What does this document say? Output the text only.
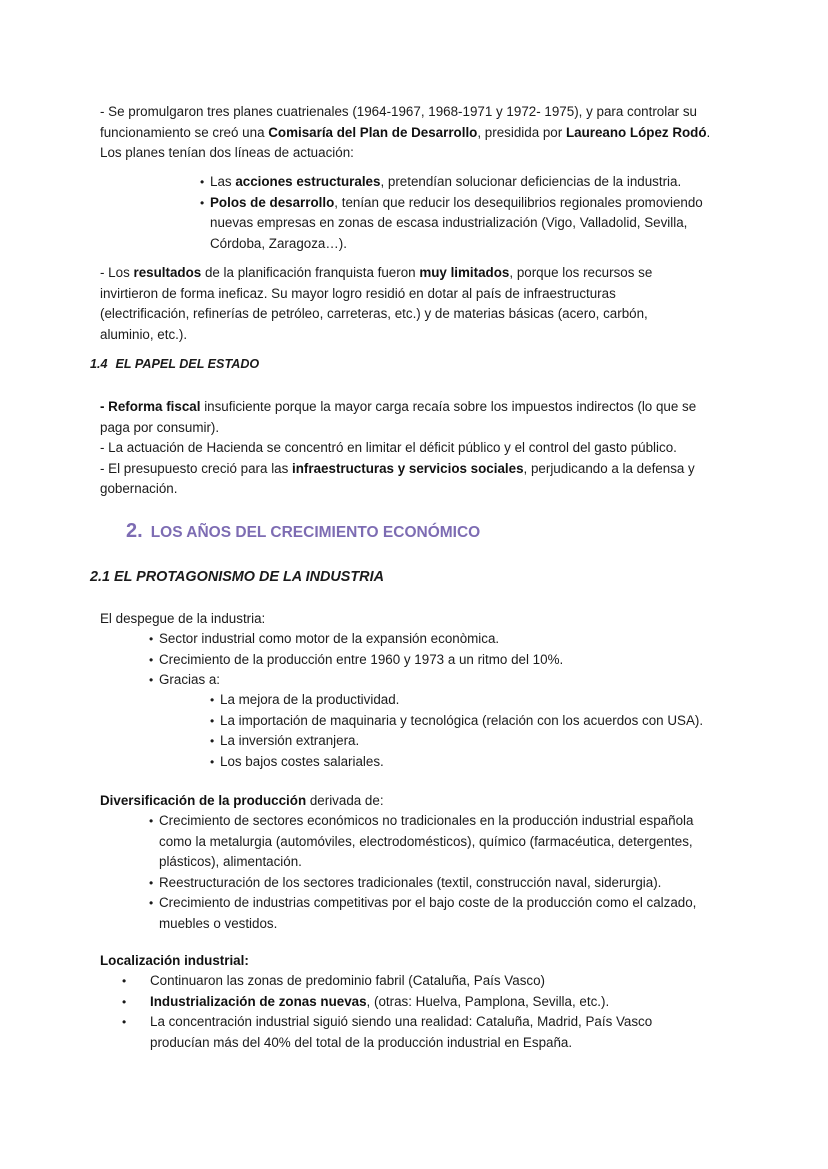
- Se promulgaron tres planes cuatrienales (1964-1967, 1968-1971 y 1972- 1975), y para controlar su funcionamiento se creó una Comisaría del Plan de Desarrollo, presidida por Laureano López Rodó. Los planes tenían dos líneas de actuación:

• Las acciones estructurales, pretendían solucionar deficiencias de la industria.
• Polos de desarrollo, tenían que reducir los desequilibrios regionales promoviendo nuevas empresas en zonas de escasa industrialización (Vigo, Valladolid, Sevilla, Córdoba, Zaragoza…).

- Los resultados de la planificación franquista fueron muy limitados, porque los recursos se invirtieron de forma ineficaz. Su mayor logro residió en dotar al país de infraestructuras (electrificación, refinerías de petróleo, carreteras, etc.) y de materias básicas (acero, carbón, aluminio, etc.).

1.4 EL PAPEL DEL ESTADO

- Reforma fiscal insuficiente porque la mayor carga recaía sobre los impuestos indirectos (lo que se paga por consumir).
- La actuación de Hacienda se concentró en limitar el déficit público y el control del gasto público.
- El presupuesto creció para las infraestructuras y servicios sociales, perjudicando a la defensa y gobernación.

2. LOS AÑOS DEL CRECIMIENTO ECONÓMICO
2.1 EL PROTAGONISMO DE LA INDUSTRIA

El despegue de la industria:

• Sector industrial como motor de la expansión econòmica.
• Crecimiento de la producción entre 1960 y 1973 a un ritmo del 10%.
• Gracias a:
• La mejora de la productividad.
• La importación de maquinaria y tecnológica (relación con los acuerdos con USA).
• La inversión extranjera.
• Los bajos costes salariales.

Diversificación de la producción derivada de:

• Crecimiento de sectores económicos no tradicionales en la producción industrial española como la metalurgia (automóviles, electrodomésticos), químico (farmacéutica, detergentes, plásticos), alimentación.
• Reestructuración de los sectores tradicionales (textil, construcción naval, siderurgia).
• Crecimiento de industrias competitivas por el bajo coste de la producción como el calzado, muebles o vestidos.

Localización industrial:

• Continuaron las zonas de predominio fabril (Cataluña, País Vasco)
• Industrialización de zonas nuevas, (otras: Huelva, Pamplona, Sevilla, etc.).
• La concentración industrial siguió siendo una realidad: Cataluña, Madrid, País Vasco producían más del 40% del total de la producción industrial en España.
